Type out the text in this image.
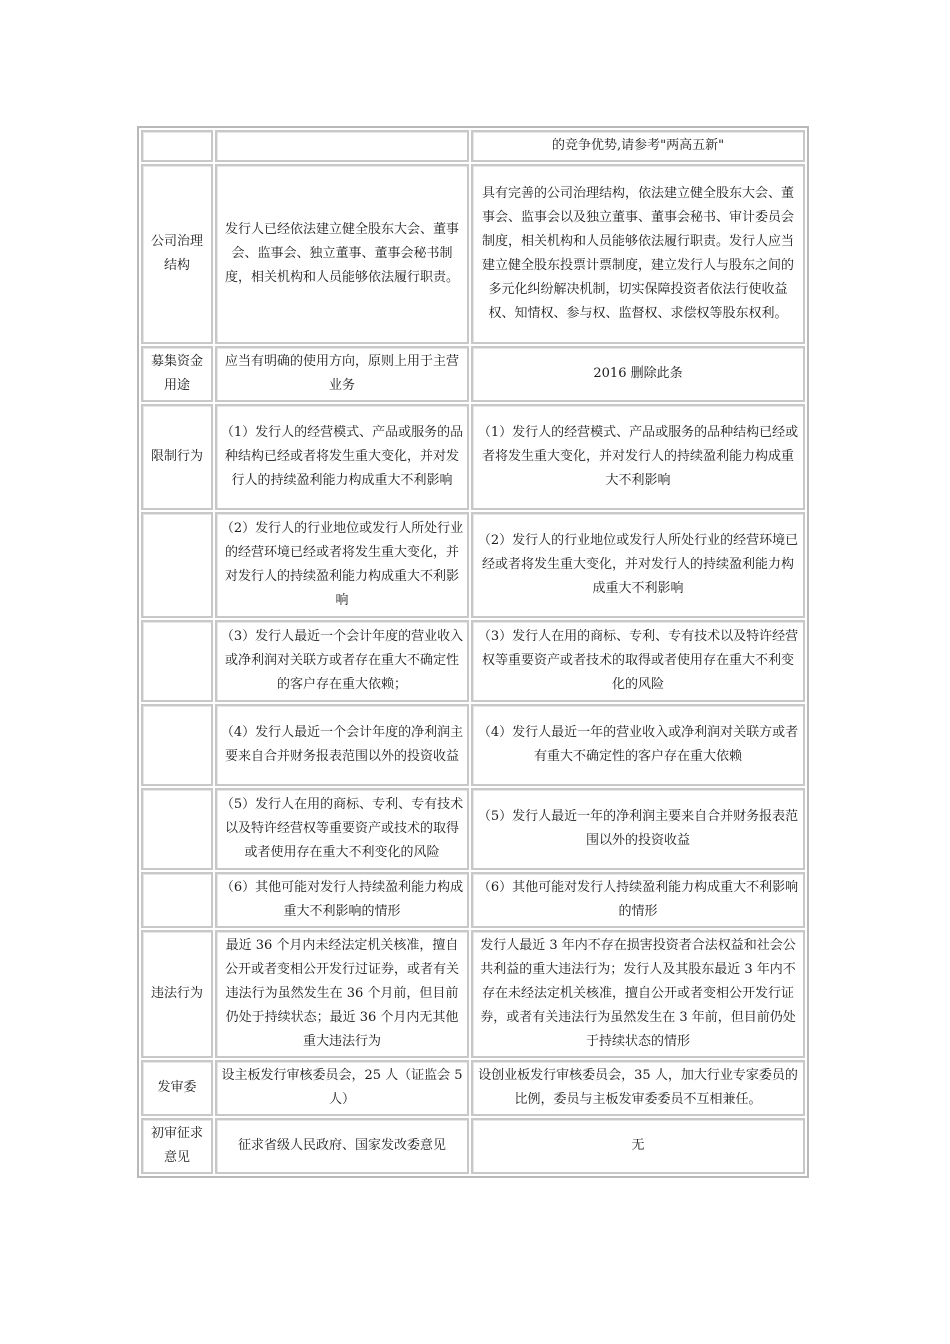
		的竞争优势,请参考"两高五新"
公司治理结构	发行人已经依法建立健全股东大会、董事会、监事会、独立董事、董事会秘书制度，相关机构和人员能够依法履行职责。	具有完善的公司治理结构，依法建立健全股东大会、董事会、监事会以及独立董事、董事会秘书、审计委员会制度，相关机构和人员能够依法履行职责。发行人应当建立健全股东投票计票制度，建立发行人与股东之间的多元化纠纷解决机制，切实保障投资者依法行使收益权、知情权、参与权、监督权、求偿权等股东权利。
募集资金用途	应当有明确的使用方向，原则上用于主营业务	2016 删除此条
限制行为	（1）发行人的经营模式、产品或服务的品种结构已经或者将发生重大变化，并对发行人的持续盈利能力构成重大不利影响	（1）发行人的经营模式、产品或服务的品种结构已经或者将发生重大变化，并对发行人的持续盈利能力构成重大不利影响
	（2）发行人的行业地位或发行人所处行业的经营环境已经或者将发生重大变化，并对发行人的持续盈利能力构成重大不利影响	（2）发行人的行业地位或发行人所处行业的经营环境已经或者将发生重大变化，并对发行人的持续盈利能力构成重大不利影响
	（3）发行人最近一个会计年度的营业收入或净利润对关联方或者存在重大不确定性的客户存在重大依赖；	（3）发行人在用的商标、专利、专有技术以及特许经营权等重要资产或者技术的取得或者使用存在重大不利变化的风险
	（4）发行人最近一个会计年度的净利润主要来自合并财务报表范围以外的投资收益	（4）发行人最近一年的营业收入或净利润对关联方或者有重大不确定性的客户存在重大依赖
	（5）发行人在用的商标、专利、专有技术以及特许经营权等重要资产或技术的取得或者使用存在重大不利变化的风险	（5）发行人最近一年的净利润主要来自合并财务报表范围以外的投资收益
	（6）其他可能对发行人持续盈利能力构成重大不利影响的情形	（6）其他可能对发行人持续盈利能力构成重大不利影响的情形
违法行为	最近 36 个月内未经法定机关核准，擅自公开或者变相公开发行过证券，或者有关违法行为虽然发生在 36 个月前，但目前仍处于持续状态；最近 36 个月内无其他重大违法行为	发行人最近 3 年内不存在损害投资者合法权益和社会公共利益的重大违法行为；发行人及其股东最近 3 年内不存在未经法定机关核准，擅自公开或者变相公开发行证券，或者有关违法行为虽然发生在 3 年前，但目前仍处于持续状态的情形
发审委	设主板发行审核委员会，25 人（证监会 5 人）	设创业板发行审核委员会，35 人，加大行业专家委员的比例，委员与主板发审委委员不互相兼任。
初审征求意见	征求省级人民政府、国家发改委意见	无
